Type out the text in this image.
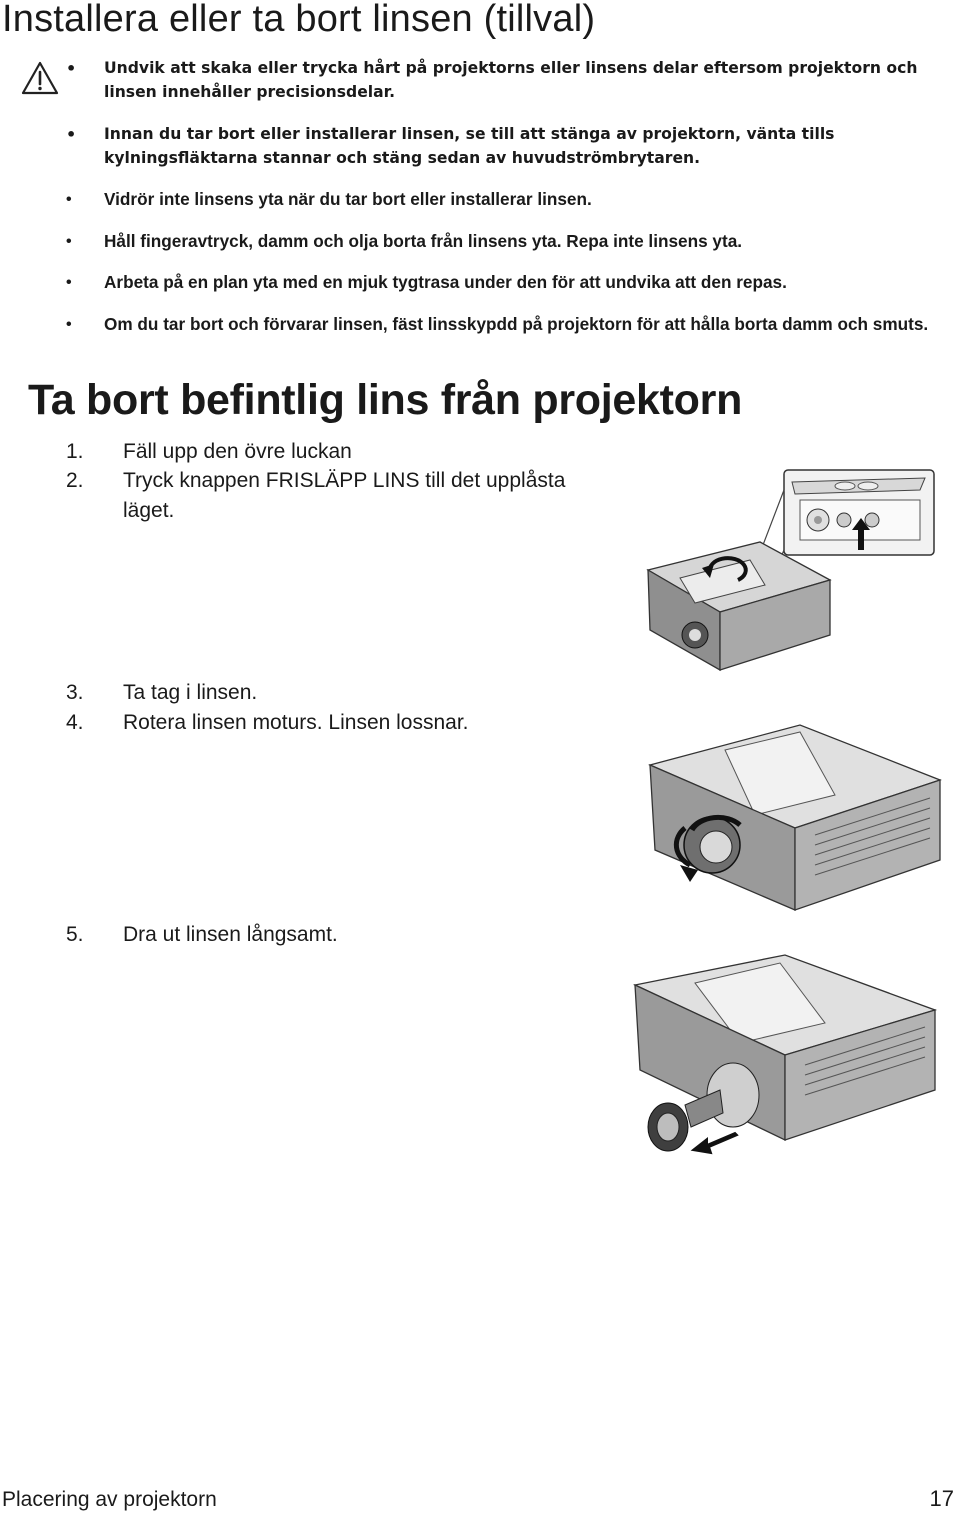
Installera eller ta bort linsen (tillval)
• Undvik att skaka eller trycka hårt på projektorns eller linsens delar eftersom projektorn och linsen innehåller precisionsdelar.
• Innan du tar bort eller installerar linsen, se till att stänga av projektorn, vänta tills kylningsfläktarna stannar och stäng sedan av huvudströmbrytaren.
• Vidrör inte linsens yta när du tar bort eller installerar linsen.
• Håll fingeravtryck, damm och olja borta från linsens yta. Repa inte linsens yta.
• Arbeta på en plan yta med en mjuk tygtrasa under den för att undvika att den repas.
• Om du tar bort och förvarar linsen, fäst linsskypdd på projektorn för att hålla borta damm och smuts.
Ta bort befintlig lins från projektorn
1. Fäll upp den övre luckan
2. Tryck knappen FRISLÄPP LINS till det upplåsta
läget.
3. Ta tag i linsen.
4. Rotera linsen moturs. Linsen lossnar.
5. Dra ut linsen långsamt.
Placering av projektorn	17
